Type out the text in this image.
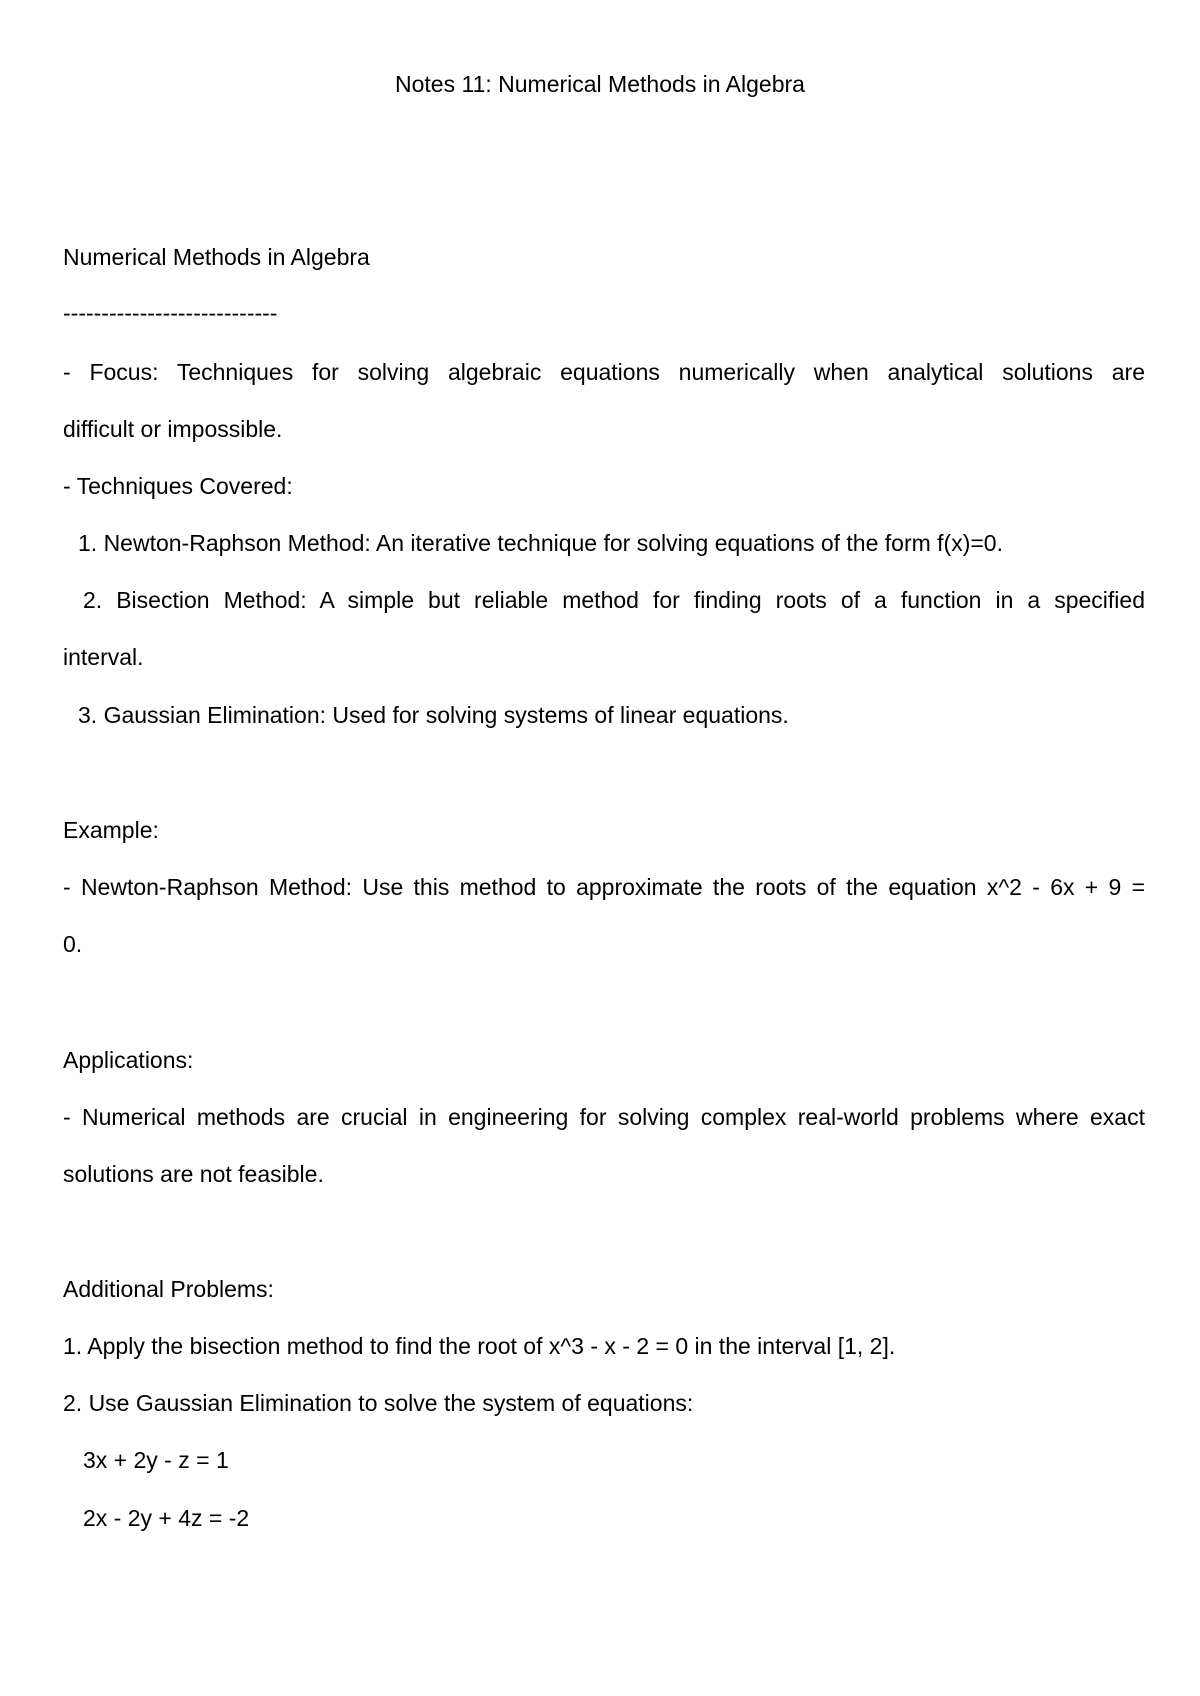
Notes 11: Numerical Methods in Algebra
Numerical Methods in Algebra
----------------------------
- Focus: Techniques for solving algebraic equations numerically when analytical solutions are
difficult or impossible.
- Techniques Covered:
1. Newton-Raphson Method: An iterative technique for solving equations of the form f(x)=0.
2. Bisection Method: A simple but reliable method for finding roots of a function in a specified
interval.
3. Gaussian Elimination: Used for solving systems of linear equations.
Example:
- Newton-Raphson Method: Use this method to approximate the roots of the equation x^2 - 6x + 9 =
0.
Applications:
- Numerical methods are crucial in engineering for solving complex real-world problems where exact
solutions are not feasible.
Additional Problems:
1. Apply the bisection method to find the root of x^3 - x - 2 = 0 in the interval [1, 2].
2. Use Gaussian Elimination to solve the system of equations:
3x + 2y - z = 1
2x - 2y + 4z = -2
